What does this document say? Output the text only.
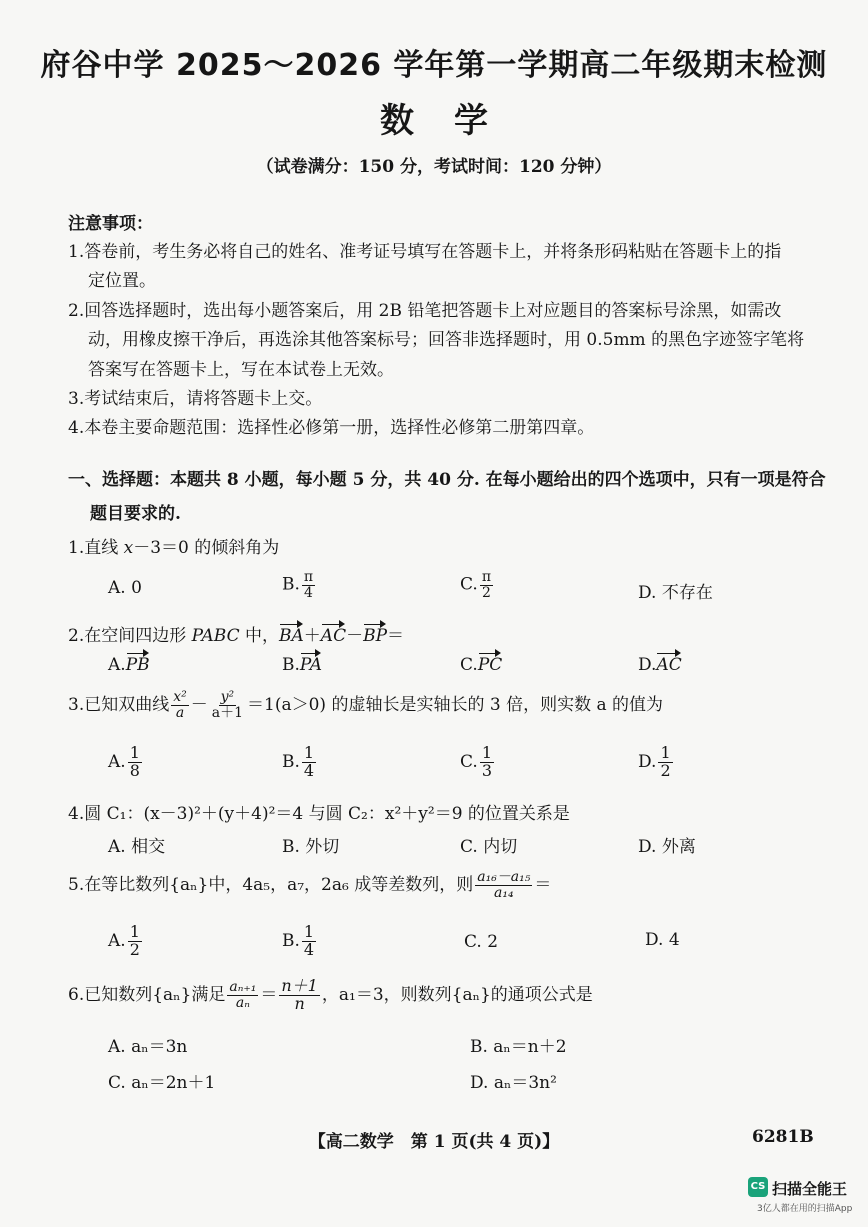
府谷中学 2025～2026 学年第一学期高二年级期末检测
数学
（试卷满分：150 分，考试时间：120 分钟）
注意事项：
1.答卷前，考生务必将自己的姓名、准考证号填写在答题卡上，并将条形码粘贴在答题卡上的指
定位置。
2.回答选择题时，选出每小题答案后，用 2B 铅笔把答题卡上对应题目的答案标号涂黑，如需改
动，用橡皮擦干净后，再选涂其他答案标号；回答非选择题时，用 0.5mm 的黑色字迹签字笔将
答案写在答题卡上，写在本试卷上无效。
3.考试结束后，请将答题卡上交。
4.本卷主要命题范围：选择性必修第一册，选择性必修第二册第四章。
一、选择题：本题共 8 小题，每小题 5 分，共 40 分. 在每小题给出的四个选项中，只有一项是符合
题目要求的.
1.直线 x－3＝0 的倾斜角为
A. 0	B. $\frac{\pi}{4}$	C. $\frac{\pi}{2}$	D. 不存在
2.在空间四边形 PABC 中，BA＋AC－BP＝
A.PB	B.PA	C.PC	D.AC
3.已知双曲线 $\frac{\text{x²}}{a} - \frac{\text{y²}}{a+1} =1(a>0)$ 的虚轴长是实轴长的 3 倍，则实数 a 的值为
A. $\frac{1}{8}$	B. $\frac{1}{4}$	C. $\frac{1}{3}$	D. $\frac{1}{2}$
4.圆 C₁：(x－3)²＋(y＋4)²＝4 与圆 C₂：x²＋y²＝9 的位置关系是
A. 相交	B. 外切	C. 内切	D. 外离
5.在等比数列{aₙ}中，4a₅，a₇，2a₆ 成等差数列，则 $\frac{\text{a₁₆－a₁₅}}{\text{a₁₄}}$ ＝
A. $\frac{1}{2}$	B. $\frac{1}{4}$	C. 2	D. 4
6.已知数列{aₙ}满足 $\frac{\text{aₙ₊₁}}{\text{aₙ}} = \frac{n+1}{n}$ ，a₁＝3，则数列{aₙ}的通项公式是
A. aₙ＝3n	B. aₙ＝n＋2
C. aₙ＝2n＋1	D. aₙ＝3n²
【高二数学　第 1 页(共 4 页)】	6281B
CS 扫描全能王
3亿人都在用的扫描App
